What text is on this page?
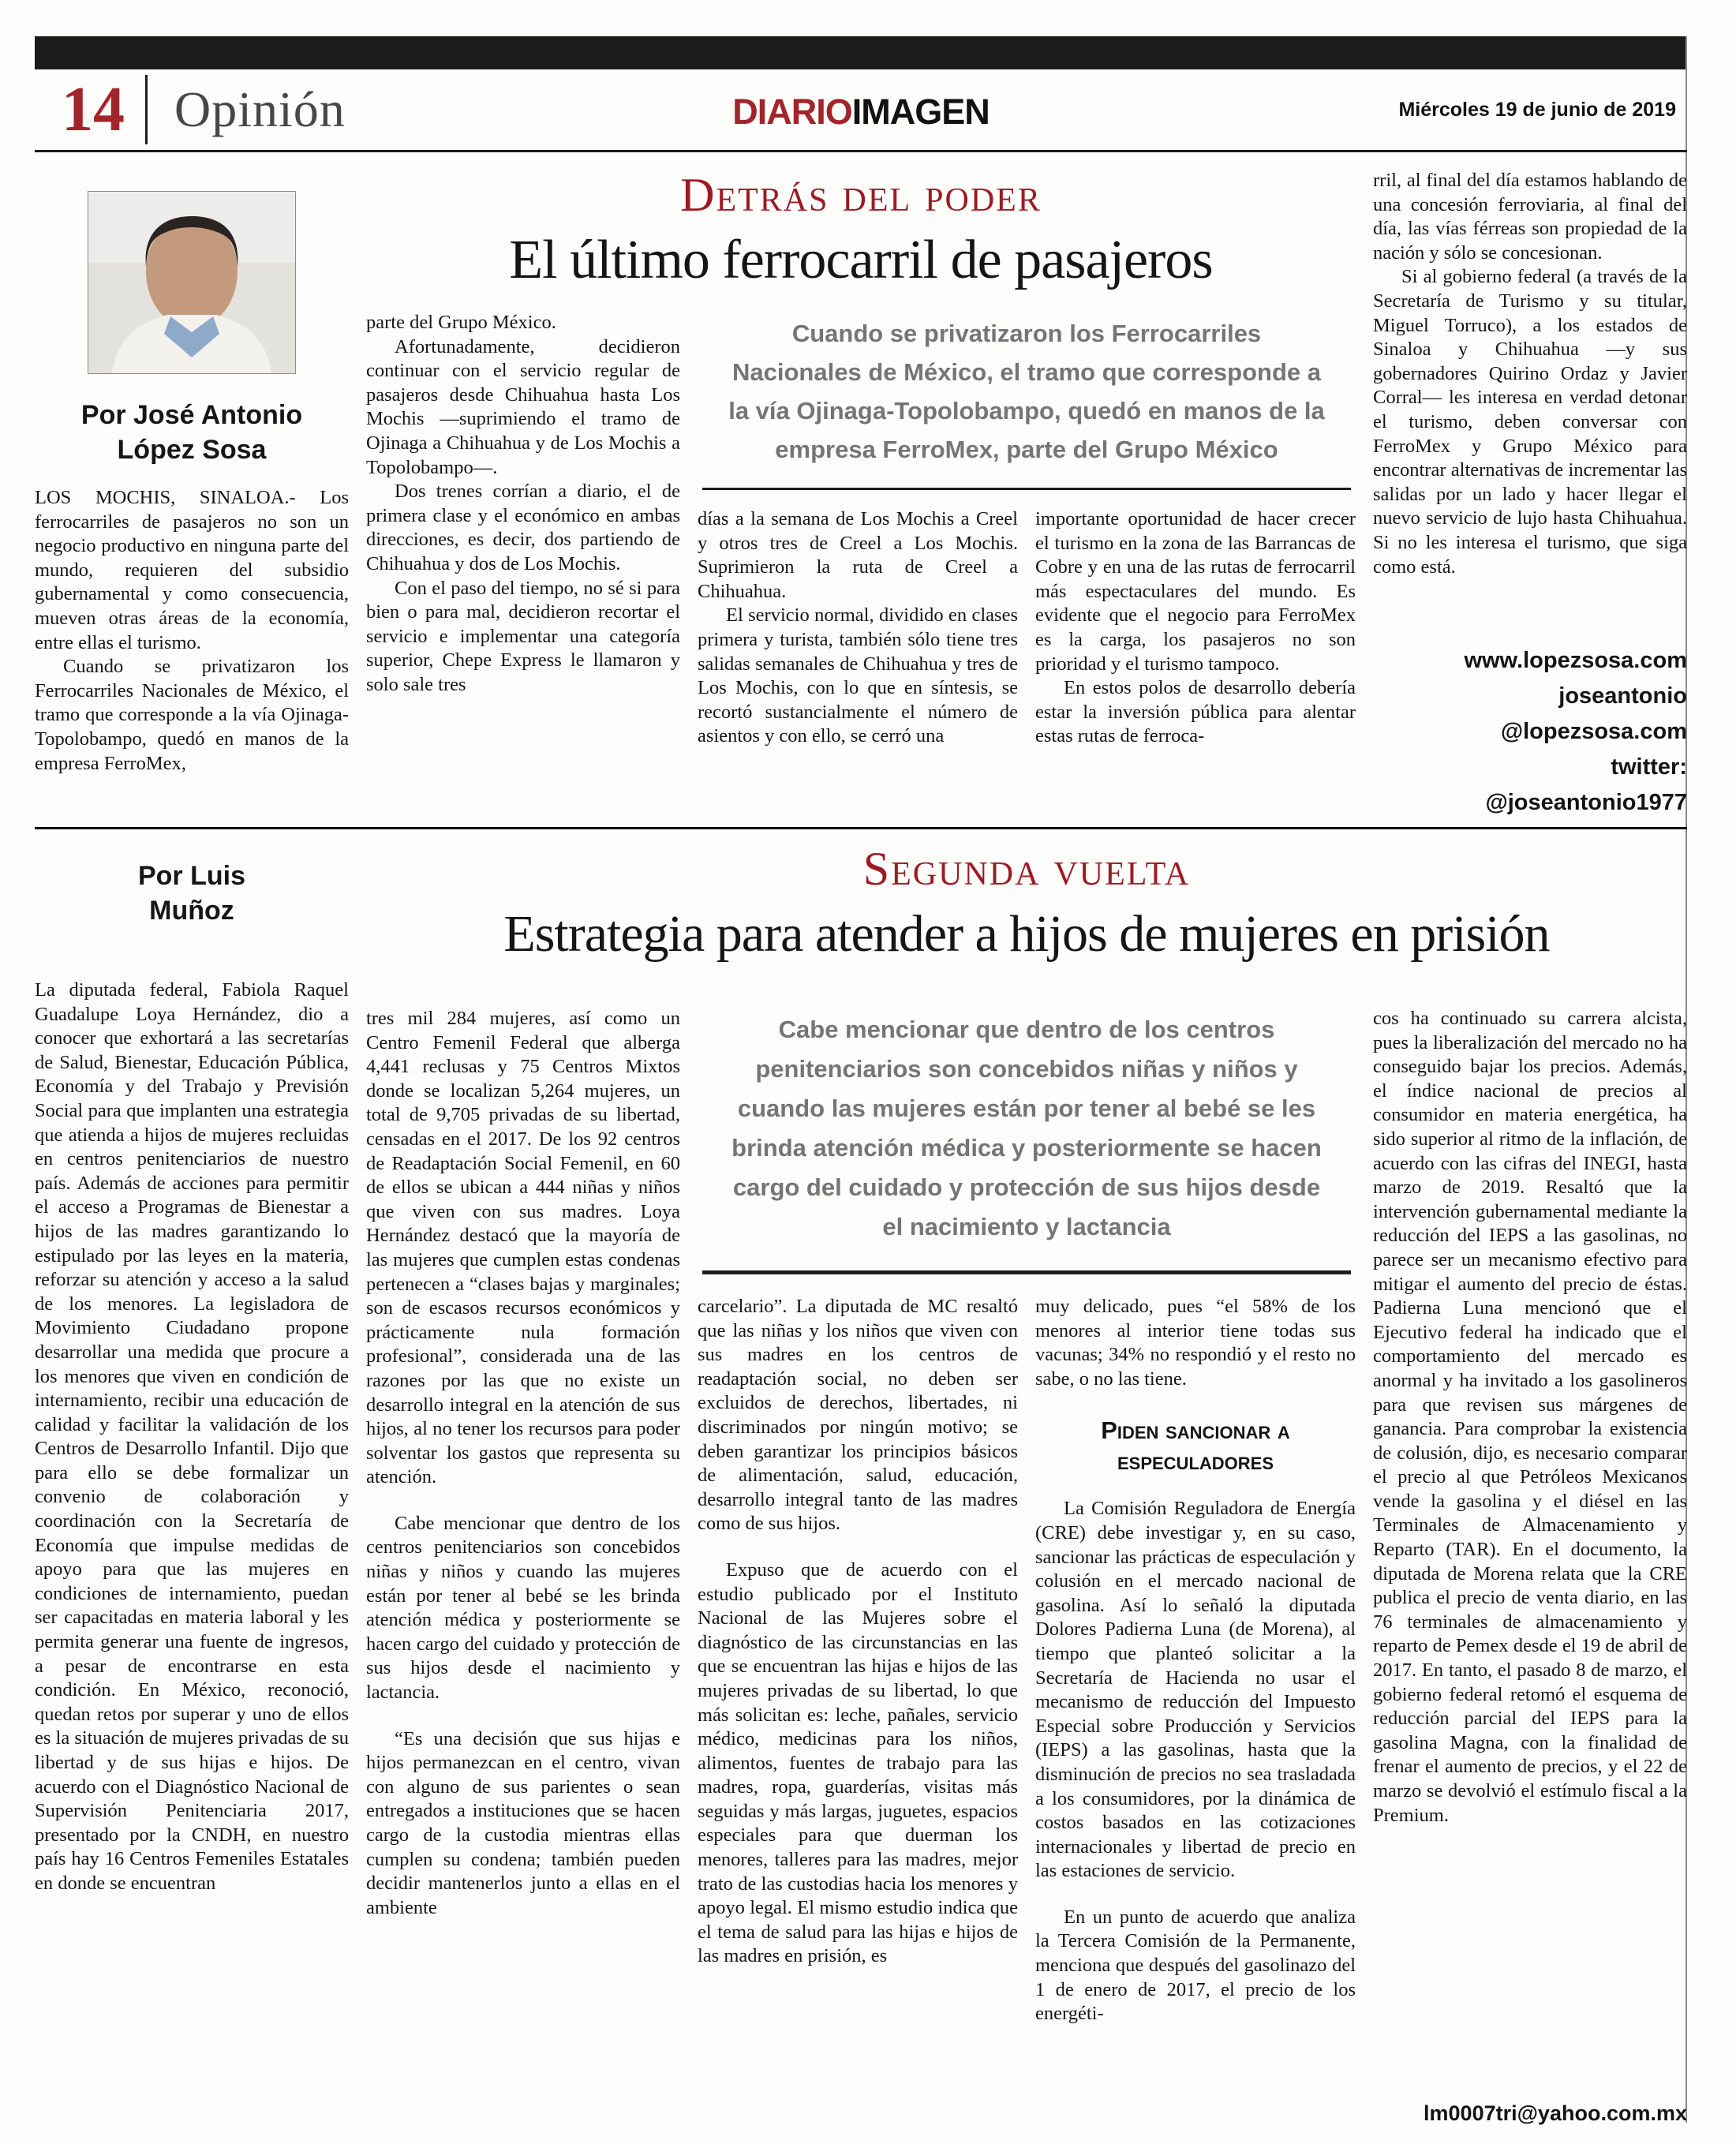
14 Opinión	DIARIOIMAGEN	Miércoles 19 de junio de 2019
Por José Antonio López Sosa

LOS MOCHIS, SINALOA.- Los ferrocarriles de pasajeros no son un negocio productivo en ninguna parte del mundo, requieren del subsidio gubernamental y como consecuencia, mueven otras áreas de la economía, entre ellas el turismo.

Cuando se privatizaron los Ferrocarriles Nacionales de México, el tramo que corresponde a la vía Ojinaga-Topolobampo, quedó en manos de la empresa FerroMex,

Detrás del poder
El último ferrocarril de pasajeros

parte del Grupo México.

Afortunadamente, decidieron continuar con el servicio regular de pasajeros desde Chihuahua hasta Los Mochis —suprimiendo el tramo de Ojinaga a Chihuahua y de Los Mochis a Topolobampo—.

Dos trenes corrían a diario, el de primera clase y el económico en ambas direcciones, es decir, dos partiendo de Chihuahua y dos de Los Mochis.

Con el paso del tiempo, no sé si para bien o para mal, decidieron recortar el servicio e implementar una categoría superior, Chepe Express le llamaron y solo sale tres

Cuando se privatizaron los Ferrocarriles Nacionales de México, el tramo que corresponde a la vía Ojinaga-Topolobampo, quedó en manos de la empresa FerroMex, parte del Grupo México

días a la semana de Los Mochis a Creel y otros tres de Creel a Los Mochis. Suprimieron la ruta de Creel a Chihuahua.

El servicio normal, dividido en clases primera y turista, también sólo tiene tres salidas semanales de Chihuahua y tres de Los Mochis, con lo que en síntesis, se recortó sustancialmente el número de asientos y con ello, se cerró una

importante oportunidad de hacer crecer el turismo en la zona de las Barrancas de Cobre y en una de las rutas de ferrocarril más espectaculares del mundo. Es evidente que el negocio para FerroMex es la carga, los pasajeros no son prioridad y el turismo tampoco.

En estos polos de desarrollo debería estar la inversión pública para alentar estas rutas de ferroca-

rril, al final del día estamos hablando de una concesión ferroviaria, al final del día, las vías férreas son propiedad de la nación y sólo se concesionan.

Si al gobierno federal (a través de la Secretaría de Turismo y su titular, Miguel Torruco), a los estados de Sinaloa y Chihuahua —y sus gobernadores Quirino Ordaz y Javier Corral— les interesa en verdad detonar el turismo, deben conversar con FerroMex y Grupo México para encontrar alternativas de incrementar las salidas por un lado y hacer llegar el nuevo servicio de lujo hasta Chihuahua. Si no les interesa el turismo, que siga como está.

www.lopezsosa.com

joseantonio

@lopezsosa.com

twitter:

@joseantonio1977

Por Luis Muñoz

La diputada federal, Fabiola Raquel Guadalupe Loya Hernández, dio a conocer que exhortará a las secretarías de Salud, Bienestar, Educación Pública, Economía y del Trabajo y Previsión Social para que implanten una estrategia que atienda a hijos de mujeres recluidas en centros penitenciarios de nuestro país. Además de acciones para permitir el acceso a Programas de Bienestar a hijos de las madres garantizando lo estipulado por las leyes en la materia, reforzar su atención y acceso a la salud de los menores. La legisladora de Movimiento Ciudadano propone desarrollar una medida que procure a los menores que viven en condición de internamiento, recibir una educación de calidad y facilitar la validación de los Centros de Desarrollo Infantil. Dijo que para ello se debe formalizar un convenio de colaboración y coordinación con la Secretaría de Economía que impulse medidas de apoyo para que las mujeres en condiciones de internamiento, puedan ser capacitadas en materia laboral y les permita generar una fuente de ingresos, a pesar de encontrarse en esta condición. En México, reconoció, quedan retos por superar y uno de ellos es la situación de mujeres privadas de su libertad y de sus hijas e hijos. De acuerdo con el Diagnóstico Nacional de Supervisión Penitenciaria 2017, presentado por la CNDH, en nuestro país hay 16 Centros Femeniles Estatales en donde se encuentran

Segunda vuelta
Estrategia para atender a hijos de mujeres en prisión

tres mil 284 mujeres, así como un Centro Femenil Federal que alberga 4,441 reclusas y 75 Centros Mixtos donde se localizan 5,264 mujeres, un total de 9,705 privadas de su libertad, censadas en el 2017. De los 92 centros de Readaptación Social Femenil, en 60 de ellos se ubican a 444 niñas y niños que viven con sus madres. Loya Hernández destacó que la mayoría de las mujeres que cumplen estas condenas pertenecen a “clases bajas y marginales; son de escasos recursos económicos y prácticamente nula formación profesional”, considerada una de las razones por las que no existe un desarrollo integral en la atención de sus hijos, al no tener los recursos para poder solventar los gastos que representa su atención.

Cabe mencionar que dentro de los centros penitenciarios son concebidos niñas y niños y cuando las mujeres están por tener al bebé se les brinda atención médica y posteriormente se hacen cargo del cuidado y protección de sus hijos desde el nacimiento y lactancia.

“Es una decisión que sus hijas e hijos permanezcan en el centro, vivan con alguno de sus parientes o sean entregados a instituciones que se hacen cargo de la custodia mientras ellas cumplen su condena; también pueden decidir mantenerlos junto a ellas en el ambiente

Cabe mencionar que dentro de los centros penitenciarios son concebidos niñas y niños y cuando las mujeres están por tener al bebé se les brinda atención médica y posteriormente se hacen cargo del cuidado y protección de sus hijos desde el nacimiento y lactancia

carcelario”. La diputada de MC resaltó que las niñas y los niños que viven con sus madres en los centros de readaptación social, no deben ser excluidos de derechos, libertades, ni discriminados por ningún motivo; se deben garantizar los principios básicos de alimentación, salud, educación, desarrollo integral tanto de las madres como de sus hijos.

Expuso que de acuerdo con el estudio publicado por el Instituto Nacional de las Mujeres sobre el diagnóstico de las circunstancias en las que se encuentran las hijas e hijos de las mujeres privadas de su libertad, lo que más solicitan es: leche, pañales, servicio médico, medicinas para los niños, alimentos, fuentes de trabajo para las madres, ropa, guarderías, visitas más seguidas y más largas, juguetes, espacios especiales para que duerman los menores, talleres para las madres, mejor trato de las custodias hacia los menores y apoyo legal. El mismo estudio indica que el tema de salud para las hijas e hijos de las madres en prisión, es

muy delicado, pues “el 58% de los menores al interior tiene todas sus vacunas; 34% no respondió y el resto no sabe, o no las tiene.

Piden sancionar a especuladores

La Comisión Reguladora de Energía (CRE) debe investigar y, en su caso, sancionar las prácticas de especulación y colusión en el mercado nacional de gasolina. Así lo señaló la diputada Dolores Padierna Luna (de Morena), al tiempo que planteó solicitar a la Secretaría de Hacienda no usar el mecanismo de reducción del Impuesto Especial sobre Producción y Servicios (IEPS) a las gasolinas, hasta que la disminución de precios no sea trasladada a los consumidores, por la dinámica de costos basados en las cotizaciones internacionales y libertad de precio en las estaciones de servicio.

En un punto de acuerdo que analiza la Tercera Comisión de la Permanente, menciona que después del gasolinazo del 1 de enero de 2017, el precio de los energéti-

cos ha continuado su carrera alcista, pues la liberalización del mercado no ha conseguido bajar los precios. Además, el índice nacional de precios al consumidor en materia energética, ha sido superior al ritmo de la inflación, de acuerdo con las cifras del INEGI, hasta marzo de 2019. Resaltó que la intervención gubernamental mediante la reducción del IEPS a las gasolinas, no parece ser un mecanismo efectivo para mitigar el aumento del precio de éstas. Padierna Luna mencionó que el Ejecutivo federal ha indicado que el comportamiento del mercado es anormal y ha invitado a los gasolineros para que revisen sus márgenes de ganancia. Para comprobar la existencia de colusión, dijo, es necesario comparar el precio al que Petróleos Mexicanos vende la gasolina y el diésel en las Terminales de Almacenamiento y Reparto (TAR). En el documento, la diputada de Morena relata que la CRE publica el precio de venta diario, en las 76 terminales de almacenamiento y reparto de Pemex desde el 19 de abril de 2017. En tanto, el pasado 8 de marzo, el gobierno federal retomó el esquema de reducción parcial del IEPS para la gasolina Magna, con la finalidad de frenar el aumento de precios, y el 22 de marzo se devolvió el estímulo fiscal a la Premium.

lm0007tri@yahoo.com.mx
